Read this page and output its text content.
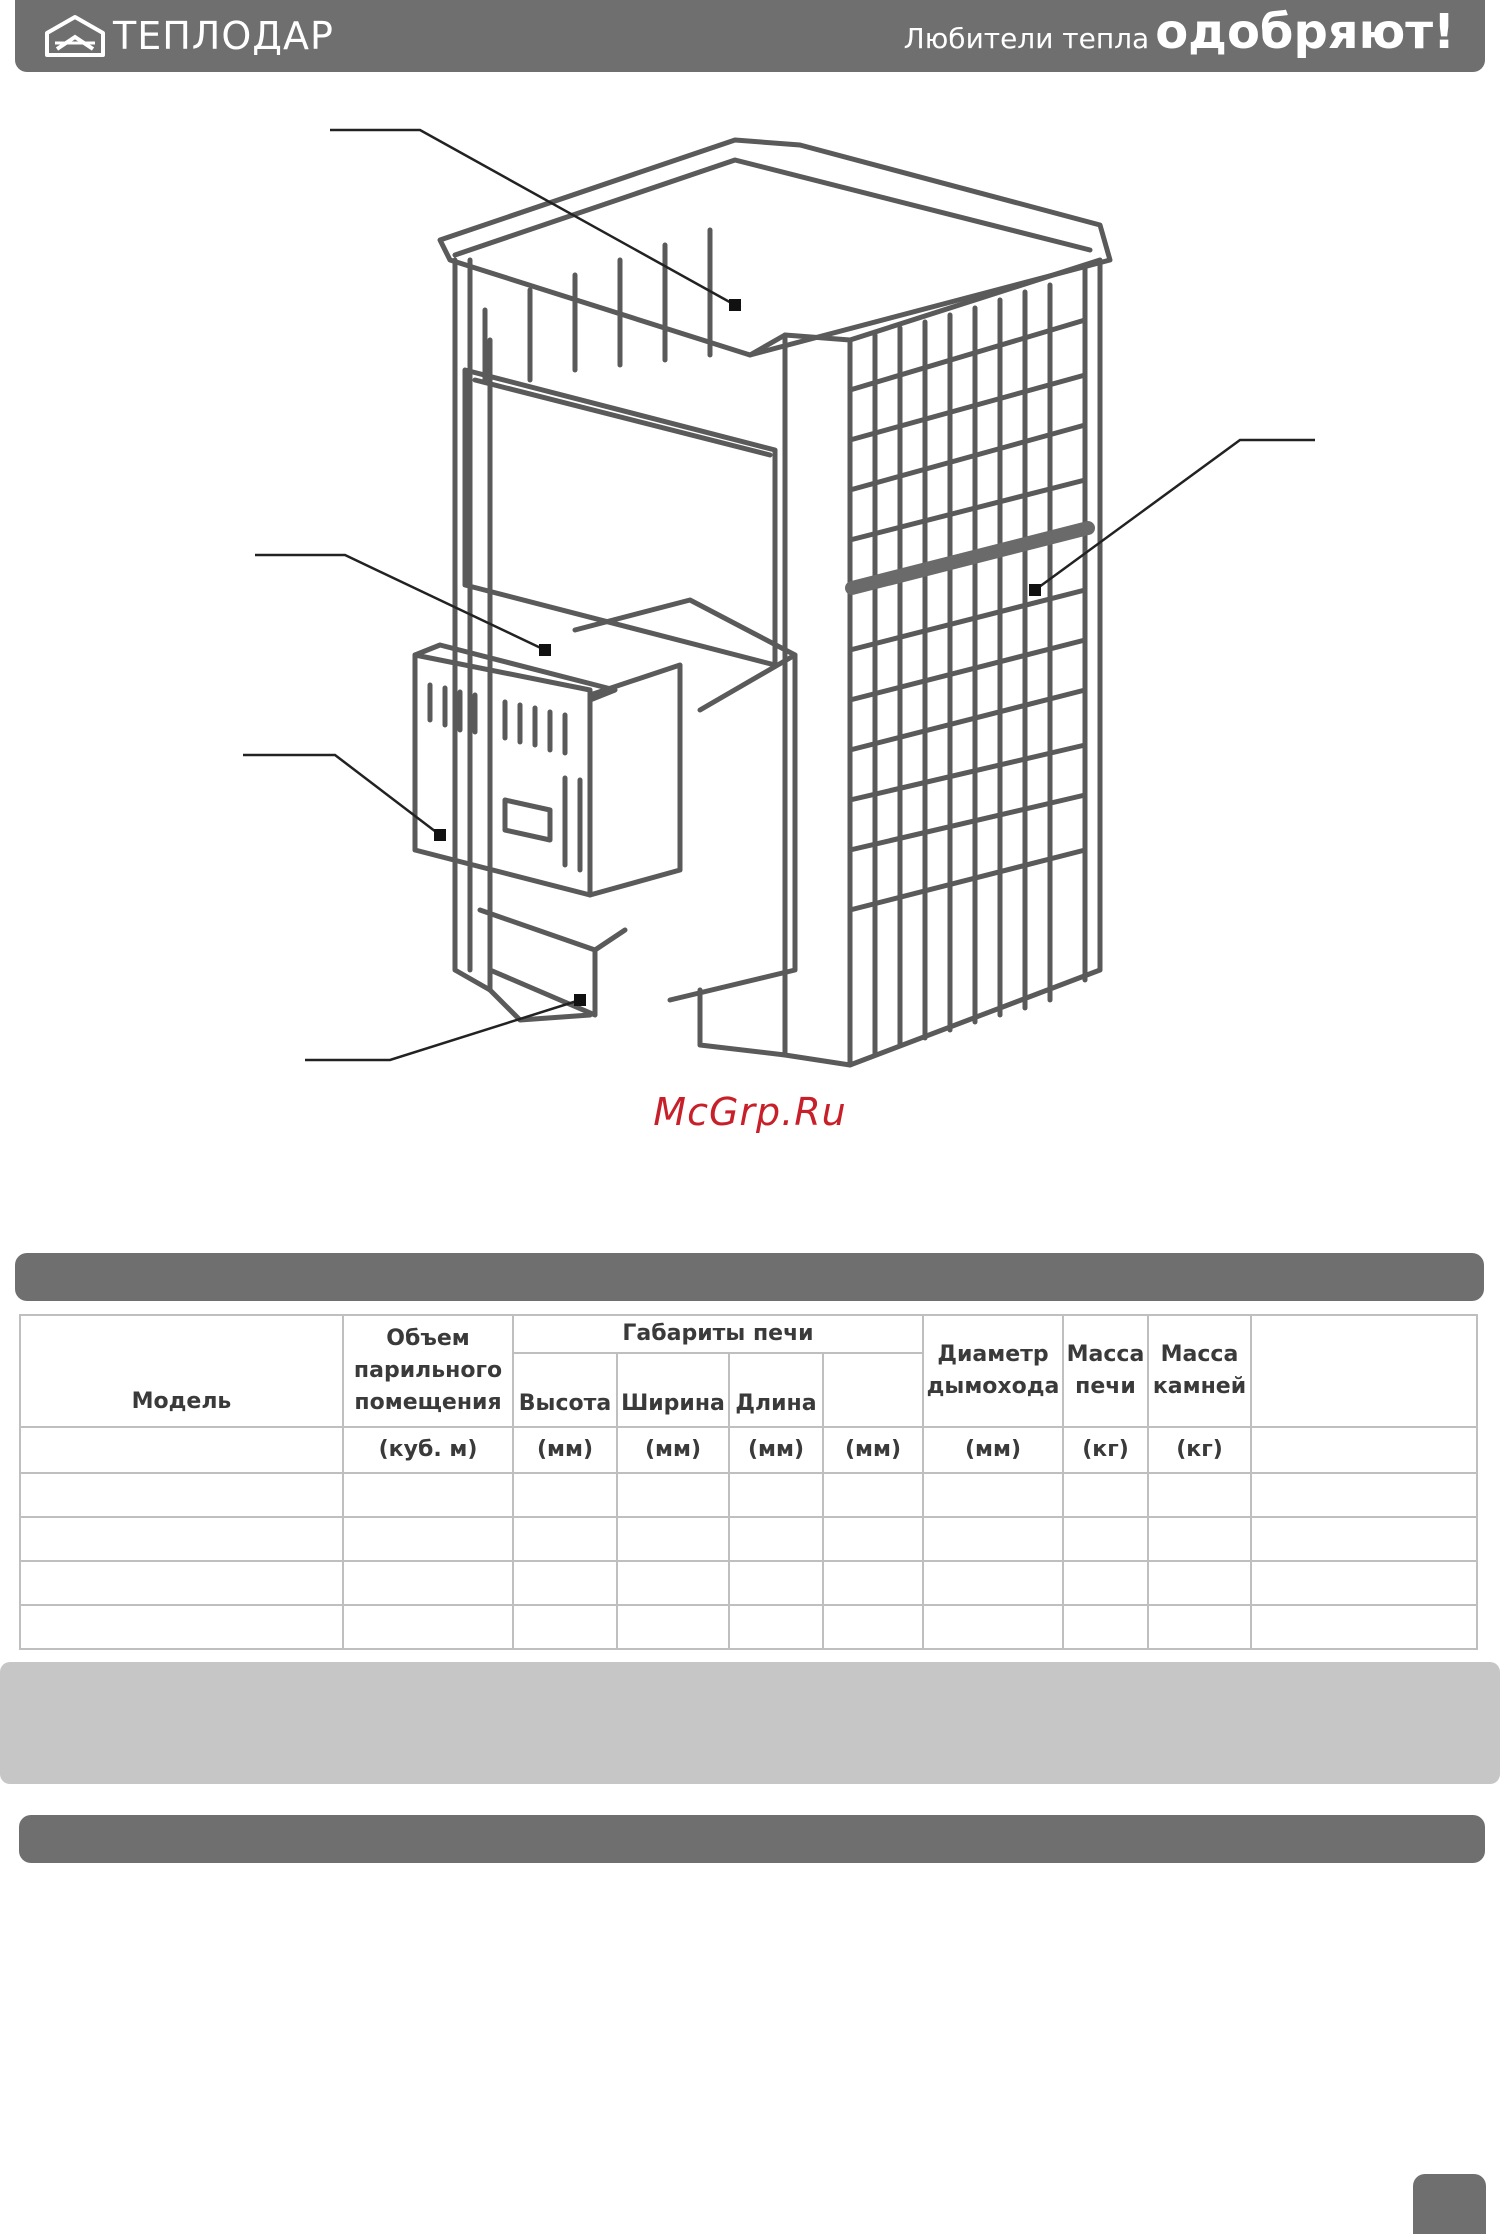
ТЕПЛОДАР	Любители тепла одобряют!
McGrp.Ru
Модель	Объем парильного помещения	Габариты печи				Диаметр дымохода	Масса печи	Масса камней	
		Высота	Ширина	Длина					
	(куб. м)	(мм)	(мм)	(мм)	(мм)	(мм)	(кг)	(кг)	
